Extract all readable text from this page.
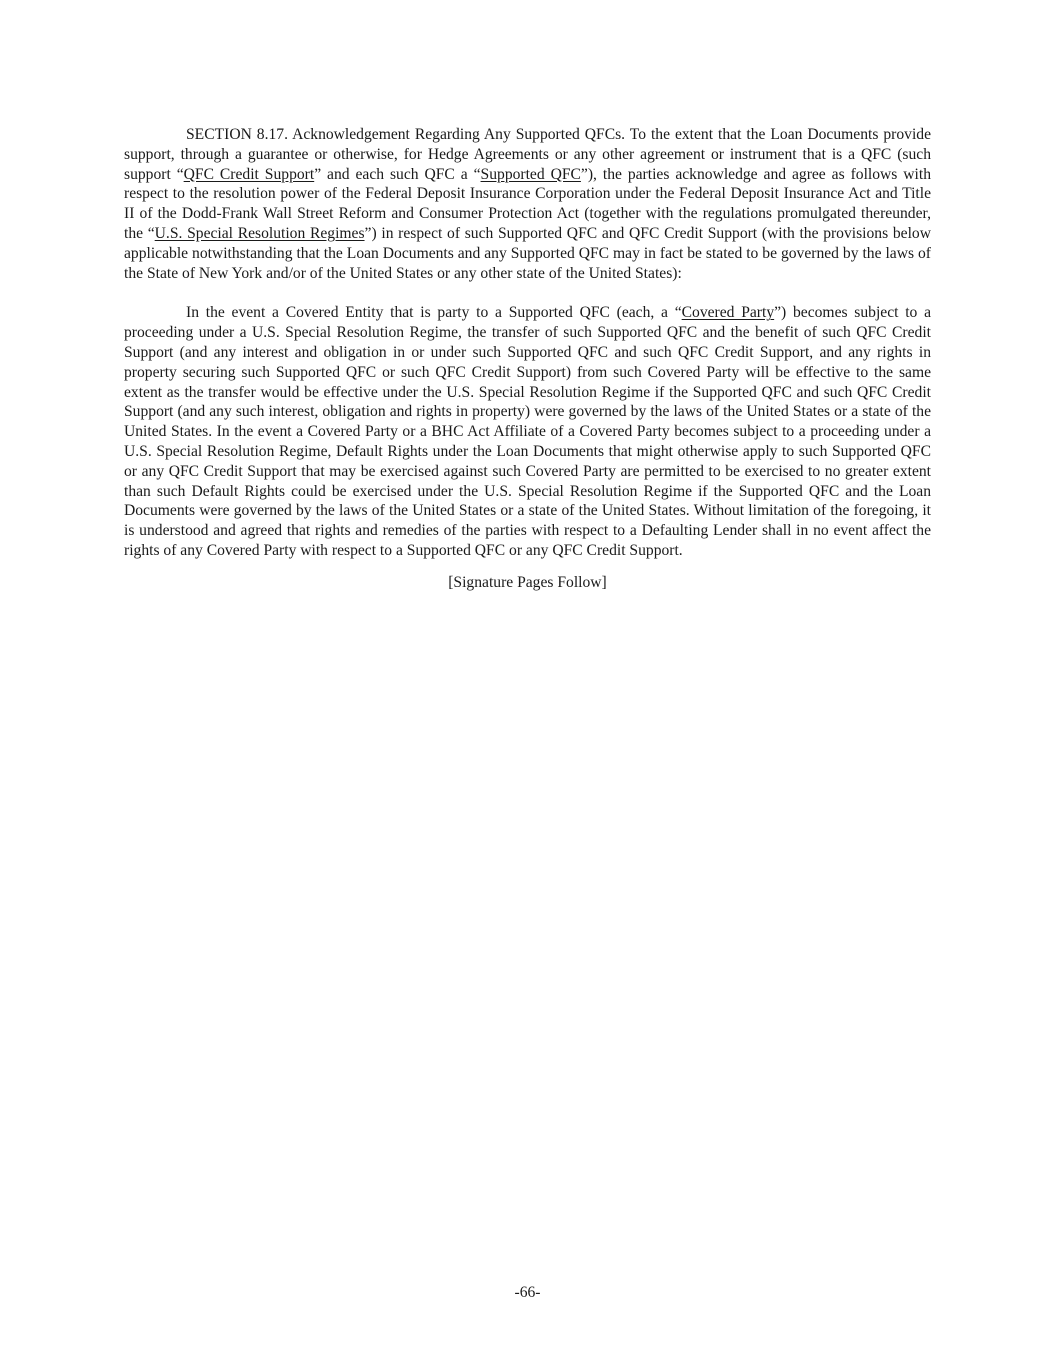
SECTION 8.17. Acknowledgement Regarding Any Supported QFCs. To the extent that the Loan Documents provide support, through a guarantee or otherwise, for Hedge Agreements or any other agreement or instrument that is a QFC (such support “QFC Credit Support” and each such QFC a “Supported QFC”), the parties acknowledge and agree as follows with respect to the resolution power of the Federal Deposit Insurance Corporation under the Federal Deposit Insurance Act and Title II of the Dodd-Frank Wall Street Reform and Consumer Protection Act (together with the regulations promulgated thereunder, the “U.S. Special Resolution Regimes”) in respect of such Supported QFC and QFC Credit Support (with the provisions below applicable notwithstanding that the Loan Documents and any Supported QFC may in fact be stated to be governed by the laws of the State of New York and/or of the United States or any other state of the United States):

In the event a Covered Entity that is party to a Supported QFC (each, a “Covered Party”) becomes subject to a proceeding under a U.S. Special Resolution Regime, the transfer of such Supported QFC and the benefit of such QFC Credit Support (and any interest and obligation in or under such Supported QFC and such QFC Credit Support, and any rights in property securing such Supported QFC or such QFC Credit Support) from such Covered Party will be effective to the same extent as the transfer would be effective under the U.S. Special Resolution Regime if the Supported QFC and such QFC Credit Support (and any such interest, obligation and rights in property) were governed by the laws of the United States or a state of the United States. In the event a Covered Party or a BHC Act Affiliate of a Covered Party becomes subject to a proceeding under a U.S. Special Resolution Regime, Default Rights under the Loan Documents that might otherwise apply to such Supported QFC or any QFC Credit Support that may be exercised against such Covered Party are permitted to be exercised to no greater extent than such Default Rights could be exercised under the U.S. Special Resolution Regime if the Supported QFC and the Loan Documents were governed by the laws of the United States or a state of the United States. Without limitation of the foregoing, it is understood and agreed that rights and remedies of the parties with respect to a Defaulting Lender shall in no event affect the rights of any Covered Party with respect to a Supported QFC or any QFC Credit Support.

[Signature Pages Follow]

-66-
